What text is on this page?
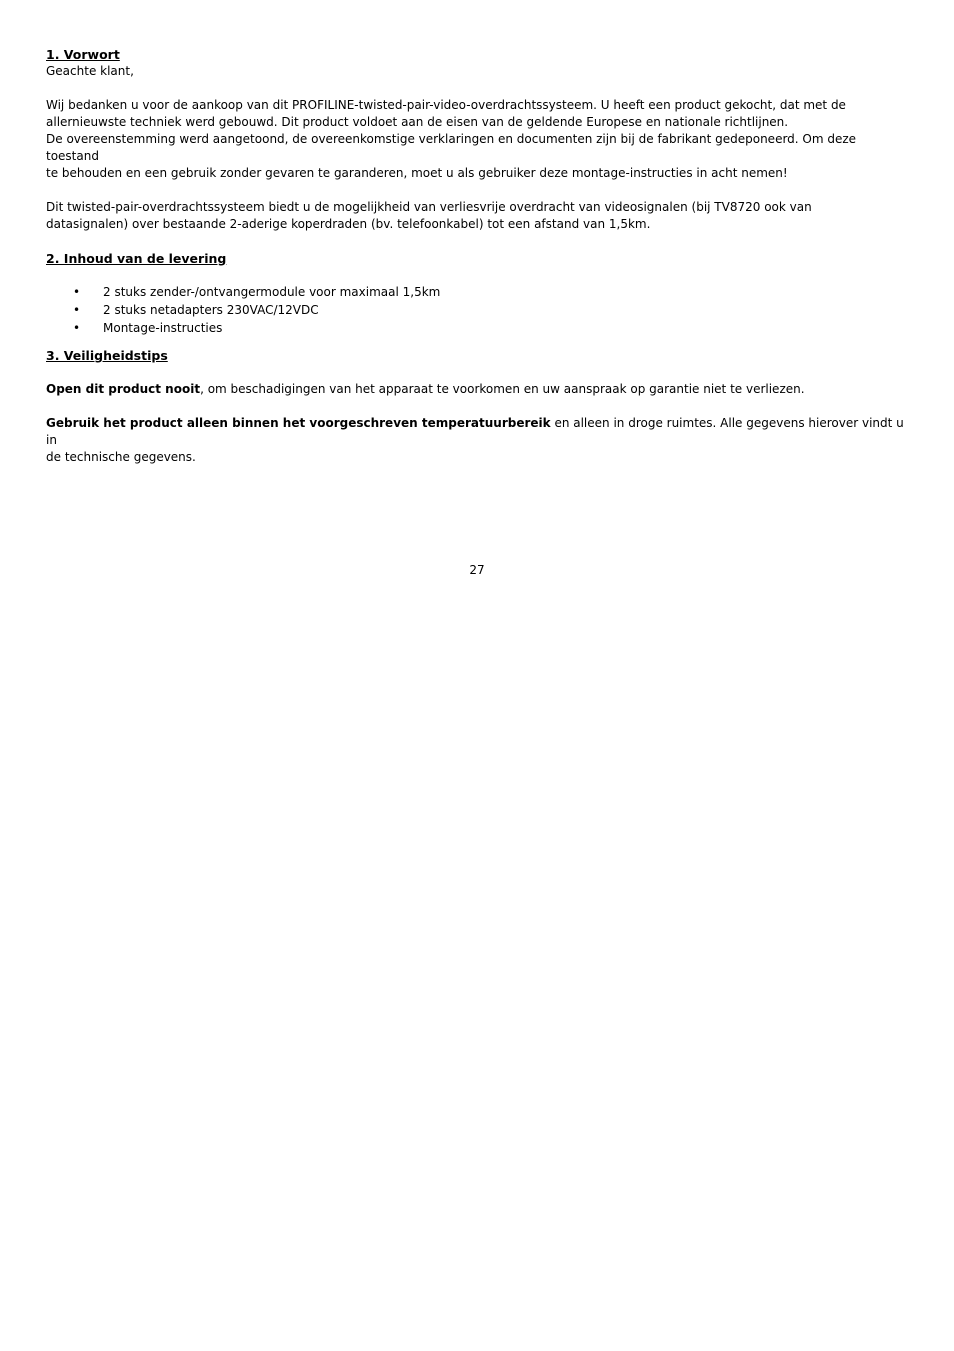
1. Vorwort

Geachte klant,

Wij bedanken u voor de aankoop van dit PROFILINE-twisted-pair-video-overdrachtssysteem. U heeft een product gekocht, dat met de

allernieuwste techniek werd gebouwd. Dit product voldoet aan de eisen van de geldende Europese en nationale richtlijnen.

De overeenstemming werd aangetoond, de overeenkomstige verklaringen en documenten zijn bij de fabrikant gedeponeerd. Om deze toestand

te behouden en een gebruik zonder gevaren te garanderen, moet u als gebruiker deze montage-instructies in acht nemen!

Dit twisted-pair-overdrachtssysteem biedt u de mogelijkheid van verliesvrije overdracht van videosignalen (bij TV8720 ook van

datasignalen) over bestaande 2-aderige koperdraden (bv. telefoonkabel) tot een afstand van 1,5km.

2. Inhoud van de levering
• 2 stuks zender-/ontvangermodule voor maximaal 1,5km
• 2 stuks netadapters 230VAC/12VDC
• Montage-instructies
3. Veiligheidstips

Open dit product nooit, om beschadigingen van het apparaat te voorkomen en uw aanspraak op garantie niet te verliezen.

Gebruik het product alleen binnen het voorgeschreven temperatuurbereik en alleen in droge ruimtes. Alle gegevens hierover vindt u in

de technische gegevens.

27
